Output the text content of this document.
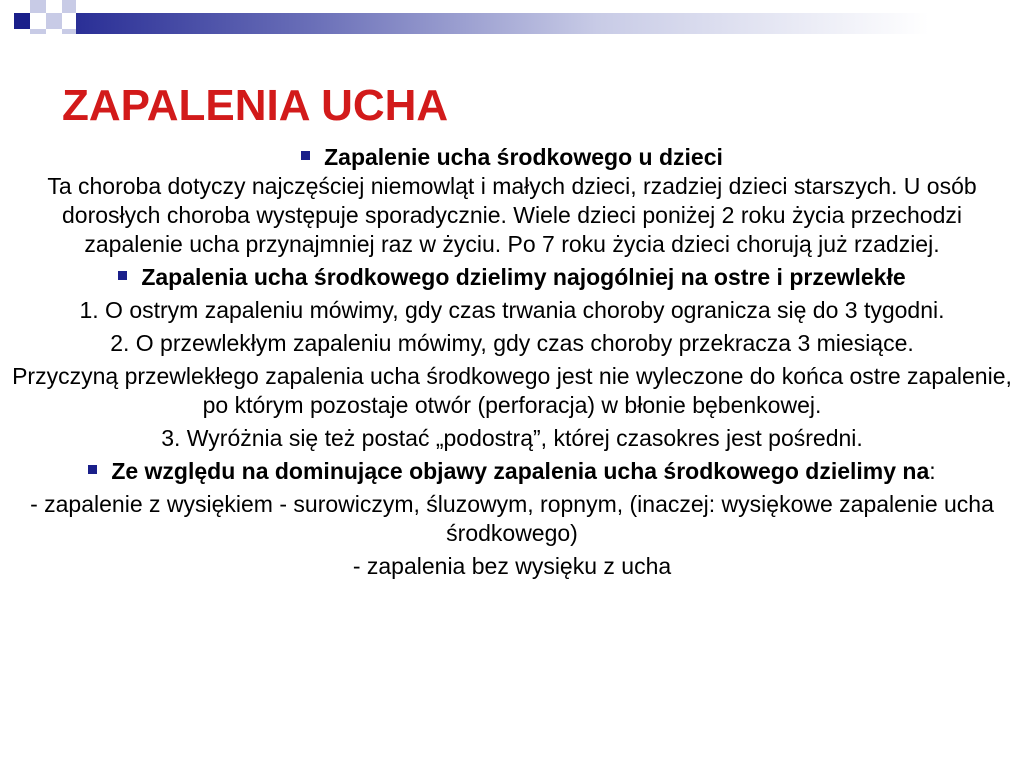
ZAPALENIA UCHA

Zapalenie ucha środkowego u dzieci
Ta choroba dotyczy najczęściej niemowląt i małych dzieci, rzadziej dzieci starszych. U osób dorosłych choroba występuje sporadycznie. Wiele dzieci poniżej 2 roku życia przechodzi zapalenie ucha przynajmniej raz w życiu. Po 7 roku życia dzieci chorują już rzadziej.

Zapalenia ucha środkowego dzielimy najogólniej na ostre i przewlekłe

1. O ostrym zapaleniu mówimy, gdy czas trwania choroby ogranicza się do 3 tygodni.

2. O przewlekłym zapaleniu mówimy, gdy czas choroby przekracza 3 miesiące.

Przyczyną przewlekłego zapalenia ucha środkowego jest nie wyleczone do końca ostre zapalenie, po którym pozostaje otwór (perforacja) w błonie bębenkowej.

3. Wyróżnia się też postać „podostrą”, której czasokres jest pośredni.

Ze względu na dominujące objawy zapalenia ucha środkowego dzielimy na:

- zapalenie z wysiękiem - surowiczym, śluzowym, ropnym, (inaczej: wysiękowe zapalenie ucha środkowego)

- zapalenia bez wysięku z ucha
